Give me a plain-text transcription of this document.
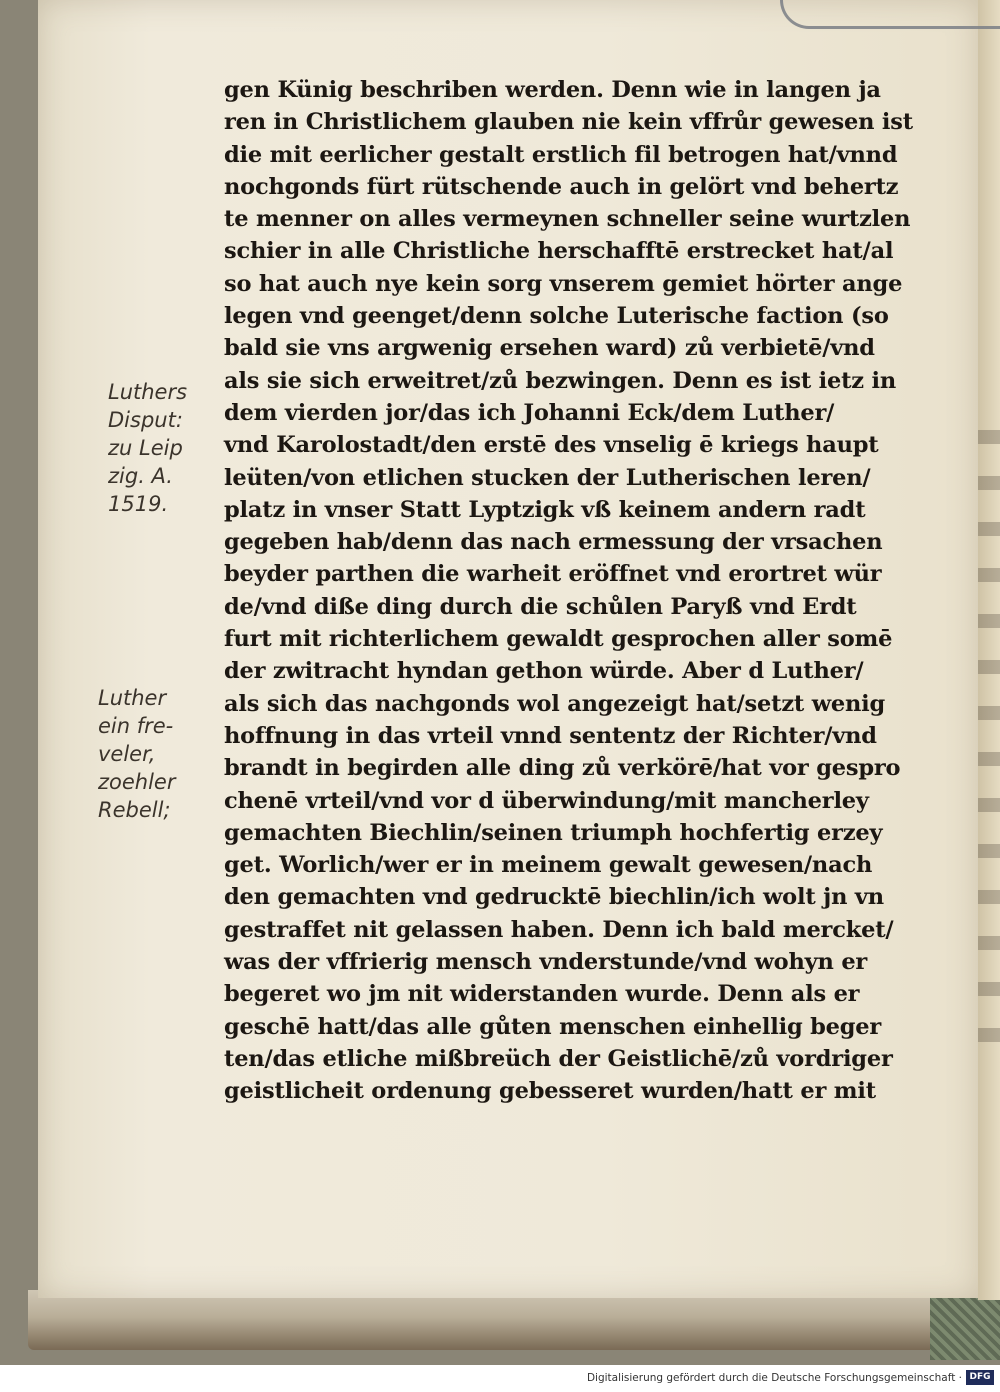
Luthers
Disput:
zu Leip
zig. A.
1519.
Luther
ein fre-
veler,
zoehler
Rebell;
gen Künig beschriben werden. Denn wie in langen ja
ren in Christlichem glauben nie kein vffrůr gewesen ist
die mit eerlicher gestalt erstlich fil betrogen hat/vnnd
nochgonds fürt rütschende auch in gelört vnd behertz
te menner on alles vermeynen schneller seine wurtzlen
schier in alle Christliche herschafftē erstrecket hat/al
so hat auch nye kein sorg vnserem gemiet hörter ange
legen vnd geenget/denn solche Luterische faction (so
bald sie vns argwenig ersehen ward) zů verbietē/vnd
als sie sich erweitret/zů bezwingen. Denn es ist ietz in
dem vierden jor/das ich Johanni Eck/dem Luther/
vnd Karolostadt/den erstē des vnselig ē kriegs haupt
leüten/von etlichen stucken der Lutherischen leren/
platz in vnser Statt Lyptzigk vß keinem andern radt
gegeben hab/denn das nach ermessung der vrsachen
beyder parthen die warheit eröffnet vnd erortret wür
de/vnd diße ding durch die schůlen Paryß vnd Erdt
furt mit richterlichem gewaldt gesprochen aller somē
der zwitracht hyndan gethon würde. Aber d Luther/
als sich das nachgonds wol angezeigt hat/setzt wenig
hoffnung in das vrteil vnnd sententz der Richter/vnd
brandt in begirden alle ding zů verkörē/hat vor gespro
chenē vrteil/vnd vor d überwindung/mit mancherley
gemachten Biechlin/seinen triumph hochfertig erzey
get. Worlich/wer er in meinem gewalt gewesen/nach
den gemachten vnd gedrucktē biechlin/ich wolt jn vn
gestraffet nit gelassen haben. Denn ich bald mercket/
was der vffrierig mensch vnderstunde/vnd wohyn er
begeret wo jm nit widerstanden wurde. Denn als er
geschē hatt/das alle gůten menschen einhellig beger
ten/das etliche mißbreüch der Geistlichē/zů vordriger
geistlicheit ordenung gebesseret wurden/hatt er mit
Digitalisierung gefördert durch die Deutsche Forschungsgemeinschaft · DFG
